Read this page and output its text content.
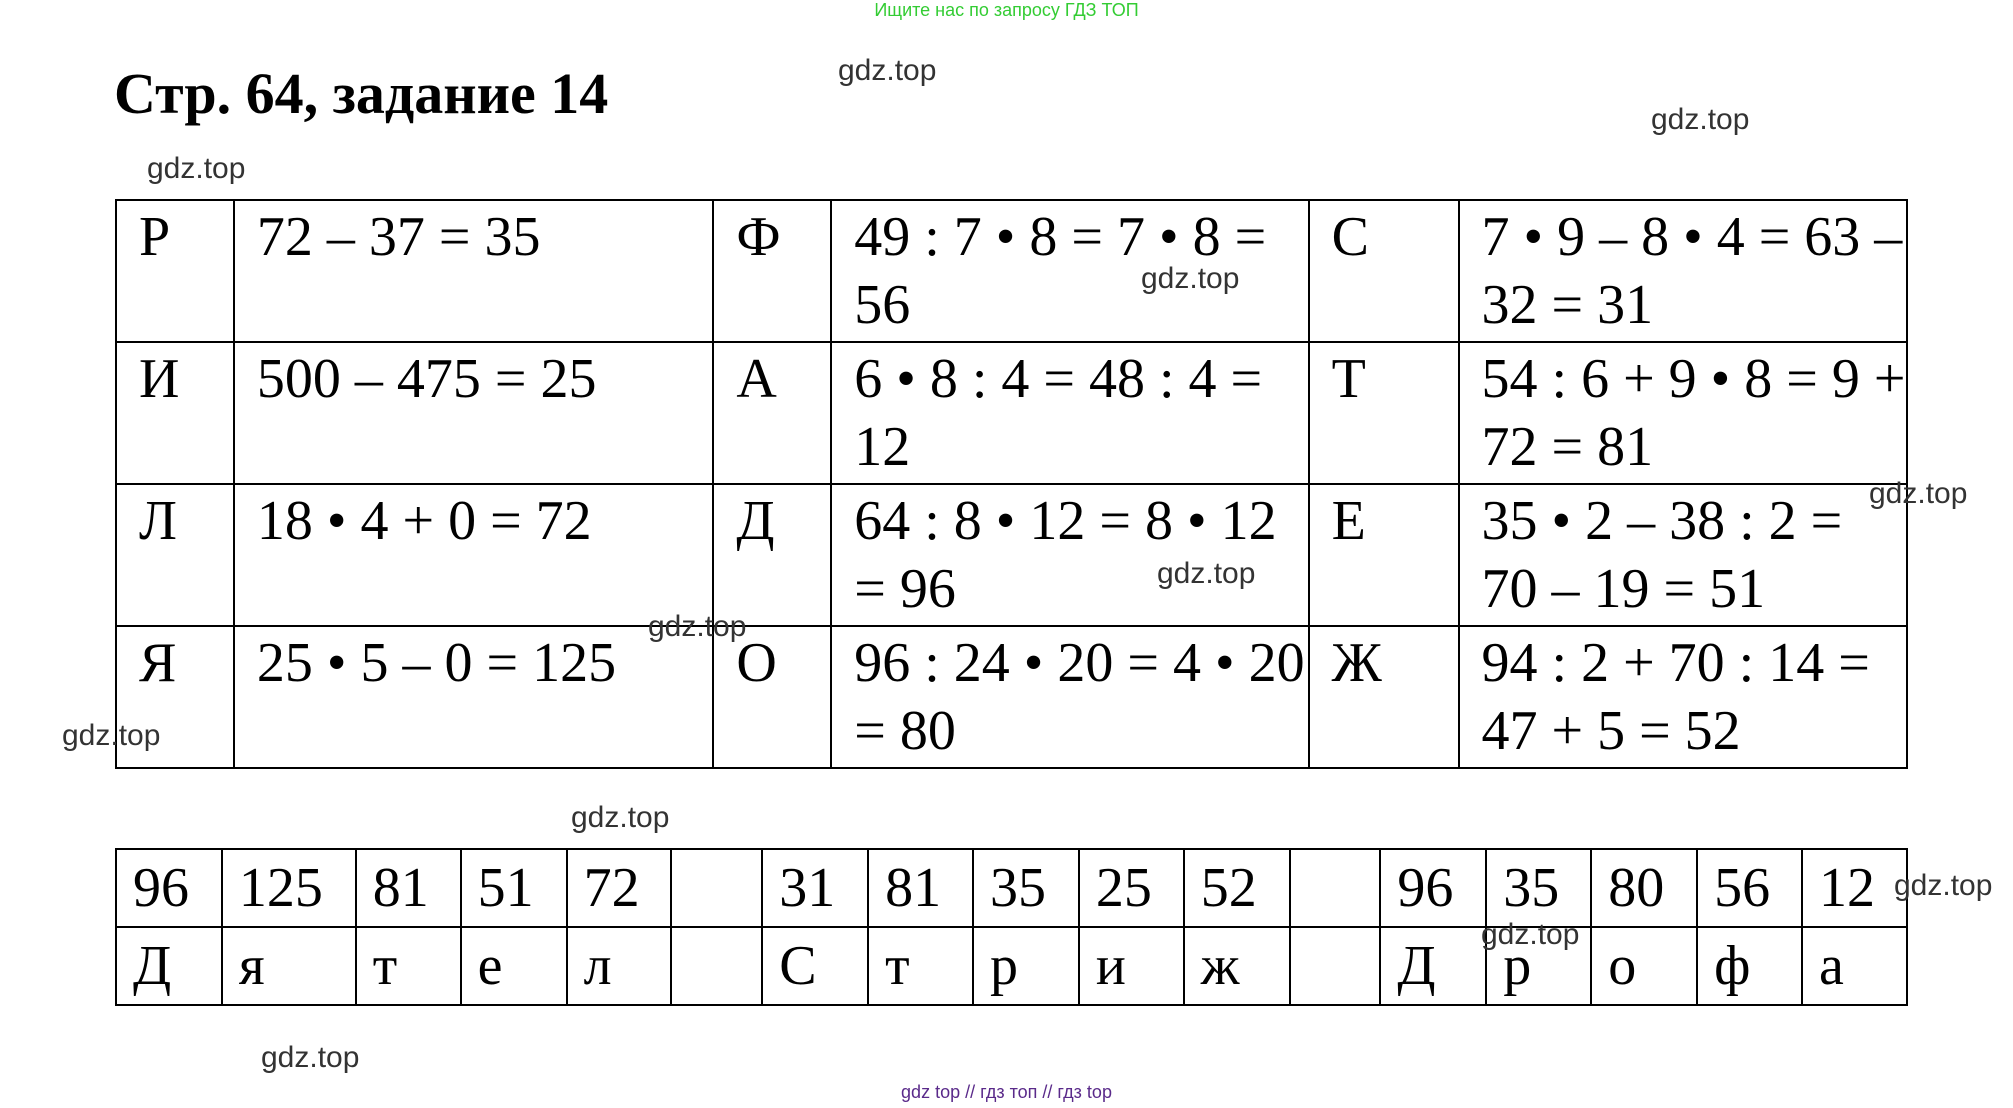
Ищите нас по запросу ГДЗ ТОП
Стр. 64, задание 14
Р	72 – 37 = 35	Ф	49 : 7 • 8 = 7 • 8 = 56	С	7 • 9 – 8 • 4 = 63 – 32 = 31
И	500 – 475 = 25	А	6 • 8 : 4 = 48 : 4 = 12	Т	54 : 6 + 9 • 8 = 9 + 72 = 81
Л	18 • 4 + 0 = 72	Д	64 : 8 • 12 = 8 • 12 = 96	Е	35 • 2 – 38 : 2 = 70 – 19 = 51
Я	25 • 5 – 0 = 125	О	96 : 24 • 20 = 4 • 20 = 80	Ж	94 : 2 + 70 : 14 = 47 + 5 = 52
96	125	81	51	72		31	81	35	25	52		96	35	80	56	12
Д	я	т	е	л		С	т	р	и	ж		Д	р	о	ф	а
gdz.top
gdz.top
gdz.top
gdz.top
gdz.top
gdz.top
gdz.top
gdz.top
gdz.top
gdz.top
gdz.top
gdz.top
gdz top // гдз топ // гдз top
